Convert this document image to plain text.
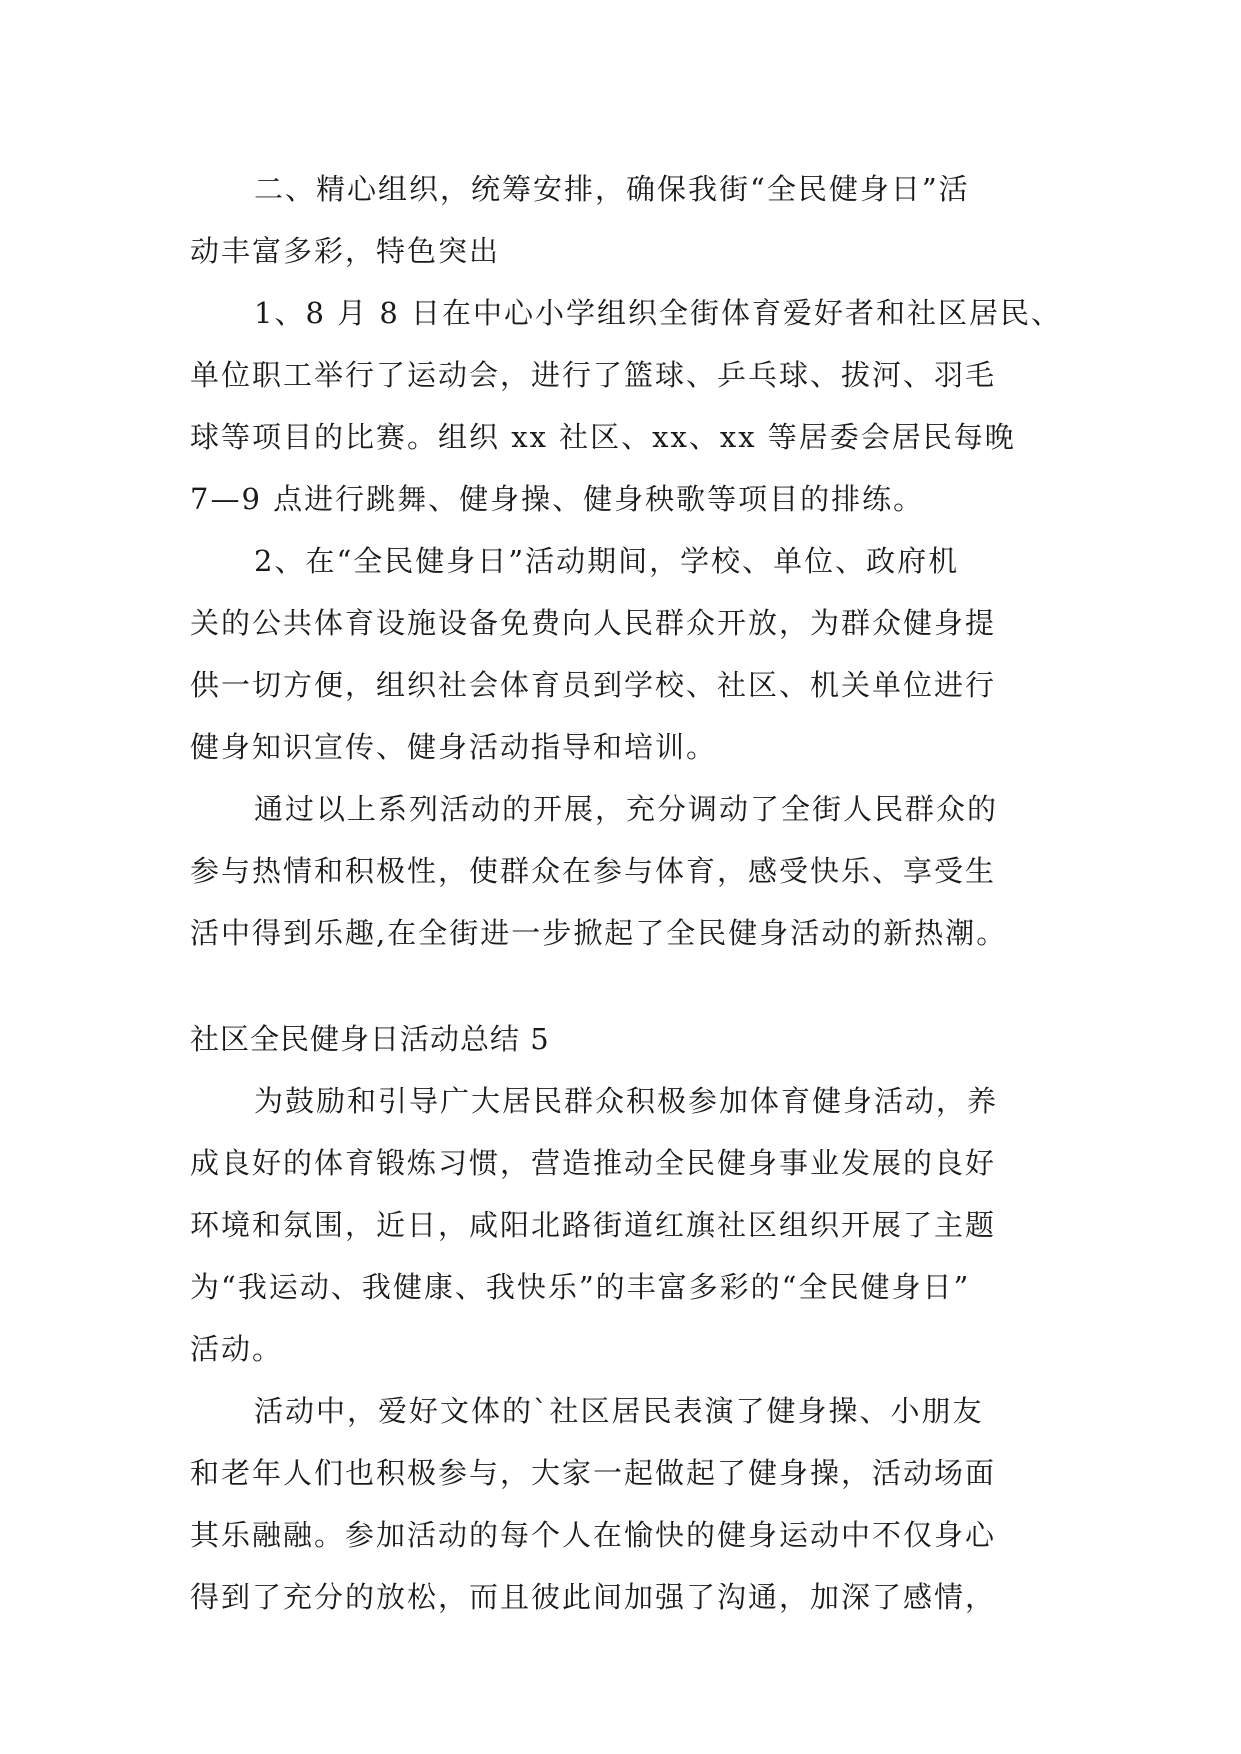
二、精心组织，统筹安排，确保我街“全民健身日”活
动丰富多彩，特色突出
1、8 月 8 日在中心小学组织全街体育爱好者和社区居民、
单位职工举行了运动会，进行了篮球、乒乓球、拔河、羽毛
球等项目的比赛。组织 xx 社区、xx、xx 等居委会居民每晚
7—9 点进行跳舞、健身操、健身秧歌等项目的排练。
2、在“全民健身日”活动期间，学校、单位、政府机
关的公共体育设施设备免费向人民群众开放，为群众健身提
供一切方便，组织社会体育员到学校、社区、机关单位进行
健身知识宣传、健身活动指导和培训。
通过以上系列活动的开展，充分调动了全街人民群众的
参与热情和积极性，使群众在参与体育，感受快乐、享受生
活中得到乐趣,在全街进一步掀起了全民健身活动的新热潮。
社区全民健身日活动总结 5
为鼓励和引导广大居民群众积极参加体育健身活动，养
成良好的体育锻炼习惯，营造推动全民健身事业发展的良好
环境和氛围，近日，咸阳北路街道红旗社区组织开展了主题
为“我运动、我健康、我快乐”的丰富多彩的“全民健身日”
活动。
活动中，爱好文体的`社区居民表演了健身操、小朋友
和老年人们也积极参与，大家一起做起了健身操，活动场面
其乐融融。参加活动的每个人在愉快的健身运动中不仅身心
得到了充分的放松，而且彼此间加强了沟通，加深了感情，
